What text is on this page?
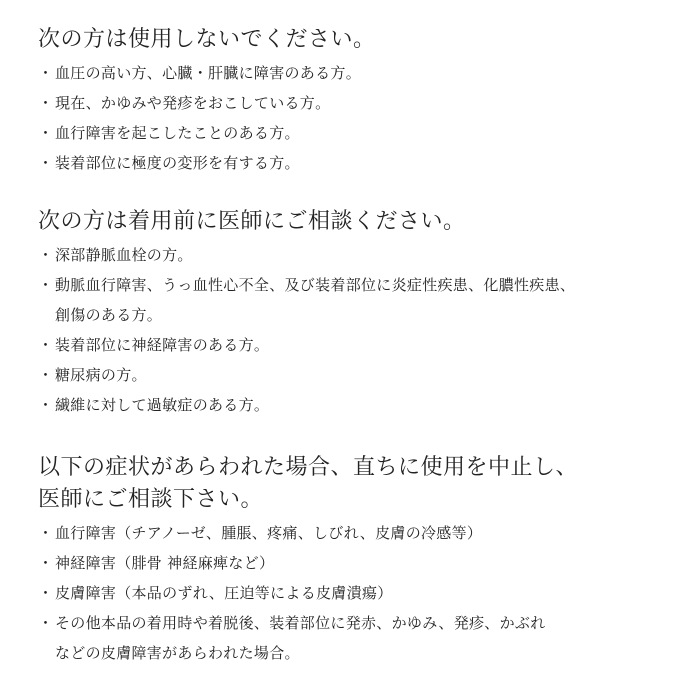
次の方は使用しないでください。
・ 血圧の高い方、心臓・肝臓に障害のある方。
・ 現在、かゆみや発疹をおこしている方。
・ 血行障害を起こしたことのある方。
・ 装着部位に極度の変形を有する方。
次の方は着用前に医師にご相談ください。
・ 深部静脈血栓の方。
・ 動脈血行障害、うっ血性心不全、及び装着部位に炎症性疾患、化膿性疾患、
創傷のある方。
・ 装着部位に神経障害のある方。
・ 糖尿病の方。
・ 繊維に対して過敏症のある方。
以下の症状があらわれた場合、直ちに使用を中止し、
医師にご相談下さい。
・ 血行障害（チアノーゼ、腫脹、疼痛、しびれ、皮膚の冷感等）
・ 神経障害（腓骨 神経麻痺など）
・ 皮膚障害（本品のずれ、圧迫等による皮膚潰瘍）
・ その他本品の着用時や着脱後、装着部位に発赤、かゆみ、発疹、かぶれ
などの皮膚障害があらわれた場合。
